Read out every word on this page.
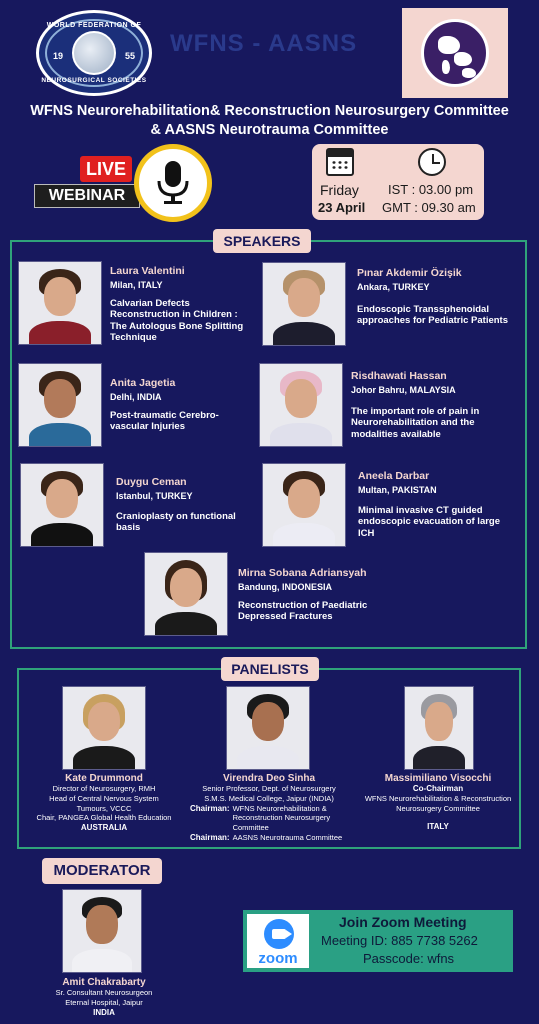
WORLD FEDERATION OF
19	55
NEUROSURGICAL SOCIETIES
WFNS - AASNS
WFNS Neurorehabilitation& Reconstruction Neurosurgery Committee
& AASNS Neurotrauma Committee
LIVE
WEBINAR	Friday
23 April
IST : 03.00 pm
GMT : 09.30 am
SPEAKERS
Laura Valentini
Milan, ITALY
Calvarian Defects Reconstruction in Children : The Autologus Bone Splitting Technique
Pınar Akdemir Özişik
Ankara, TURKEY
Endoscopic Transsphenoidal approaches for Pediatric Patients
Anita Jagetia
Delhi, INDIA
Post-traumatic Cerebro-vascular Injuries
Risdhawati Hassan
Johor Bahru, MALAYSIA
The important role of pain in Neurorehabilitation and the modalities available
Duygu Ceman
Istanbul, TURKEY
Cranioplasty on functional basis
Aneela Darbar
Multan, PAKISTAN
Minimal invasive CT guided endoscopic evacuation of large ICH
Mirna Sobana Adriansyah
Bandung, INDONESIA
Reconstruction of Paediatric Depressed Fractures
PANELISTS
Kate Drummond
Director of Neurosurgery, RMH
Head of Central Nervous System
Tumours, VCCC
Chair, PANGEA Global Health Education
AUSTRALIA
Virendra Deo Sinha
Senior Professor, Dept. of Neurosurgery
S.M.S. Medical College, Jaipur (INDIA)
Chairman: WFNS Neurorehabilitation & Reconstruction Neurosurgery Committee
Chairman: AASNS Neurotrauma Committee
Massimiliano Visocchi
Co-Chairman
WFNS Neurorehabilitation & Reconstruction
Neurosurgery Committee
ITALY
MODERATOR
Amit Chakrabarty
Sr. Consultant Neurosurgeon
Eternal Hospital, Jaipur
INDIA
zoom
Join Zoom Meeting
Meeting ID: 885 7738 5262
Passcode: wfns
